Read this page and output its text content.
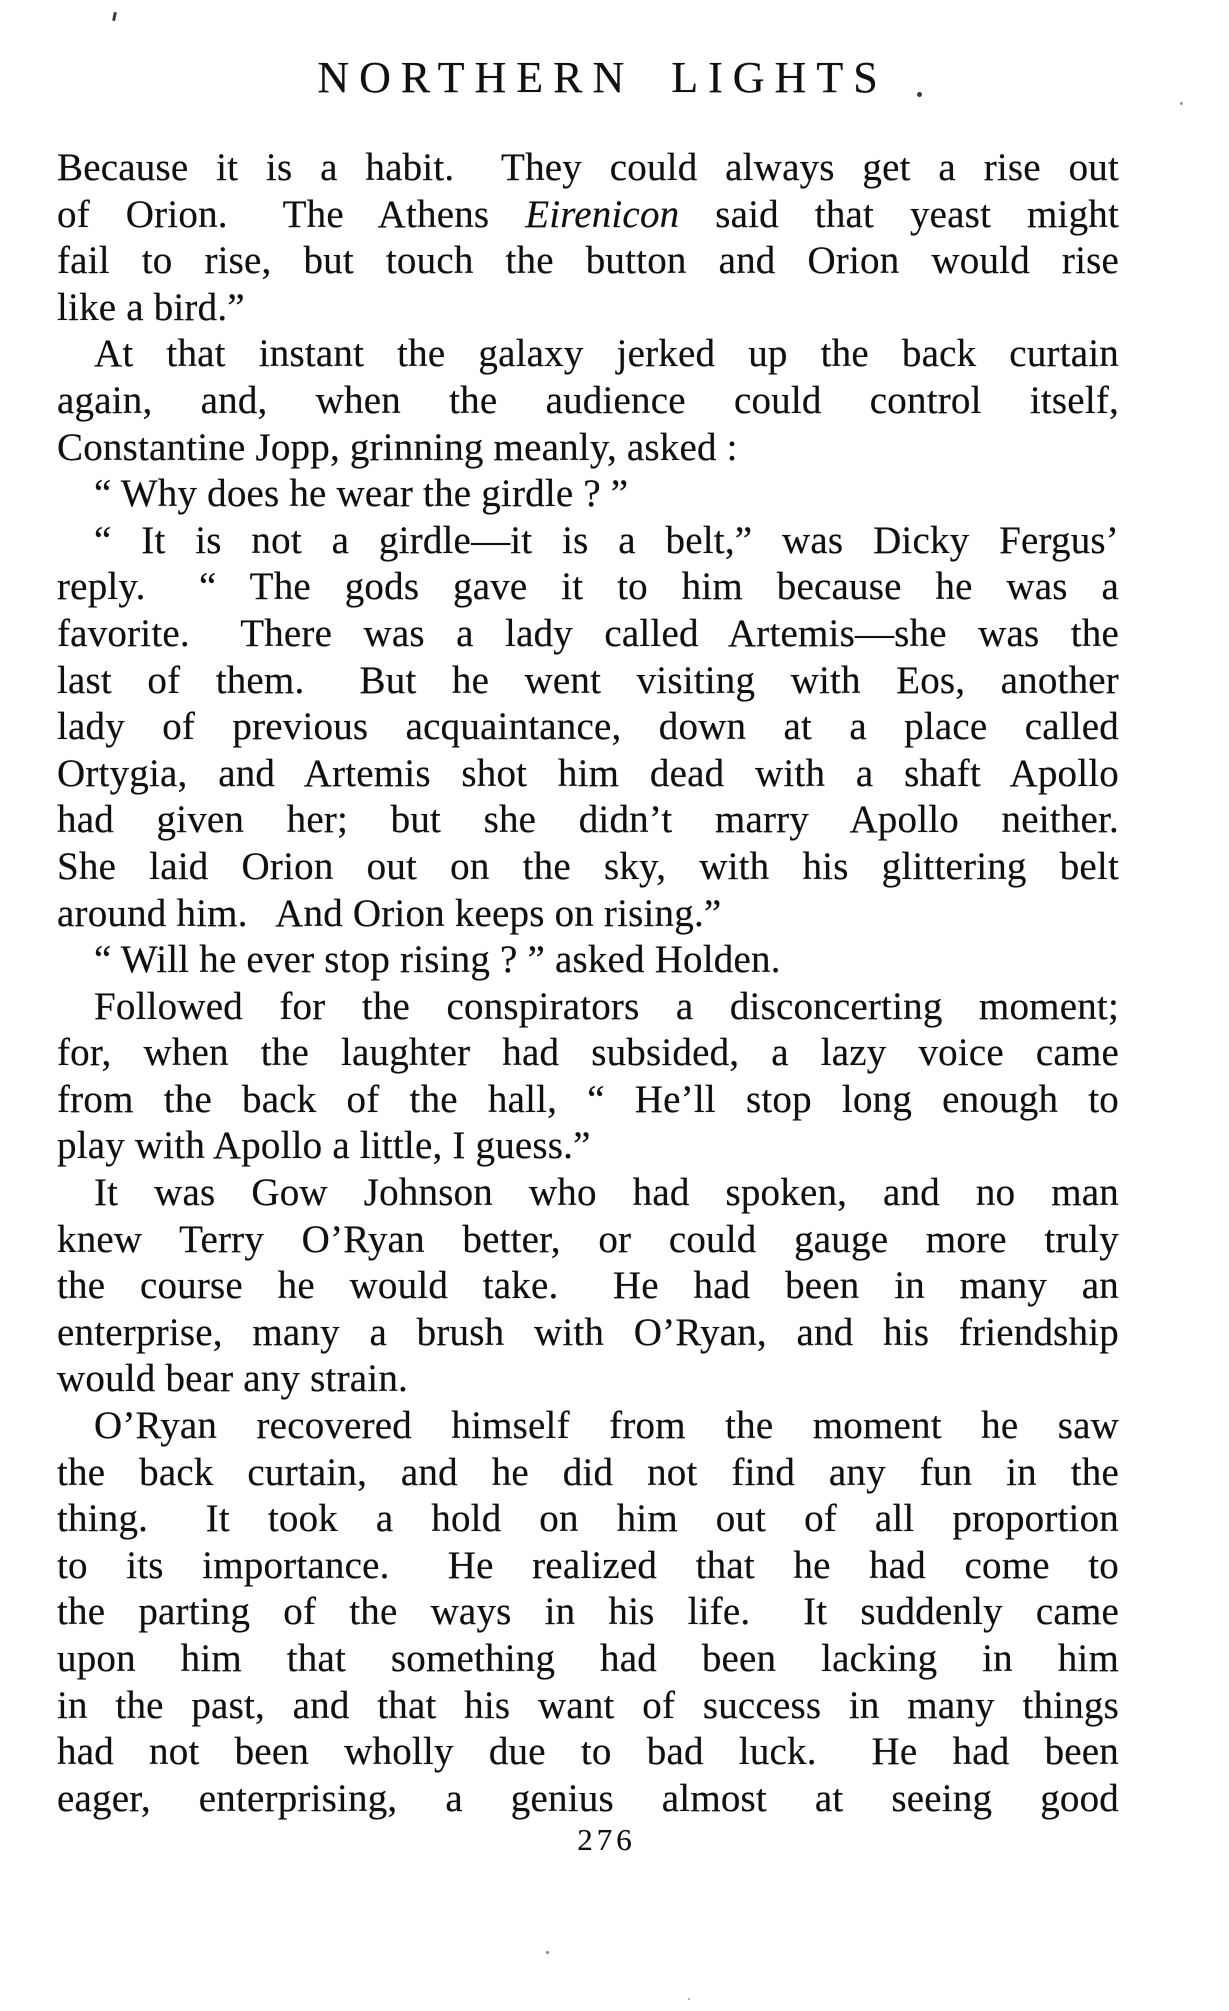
NORTHERN LIGHTS
Because it is a habit.  They could always get a rise out
of Orion.  The Athens Eirenicon said that yeast might
fail to rise, but touch the button and Orion would rise
like a bird.”
At that instant the galaxy jerked up the back curtain
again, and, when the audience could control itself,
Constantine Jopp, grinning meanly, asked :
“ Why does he wear the girdle ? ”
“ It is not a girdle—it is a belt,” was Dicky Fergus’
reply.  “ The gods gave it to him because he was a
favorite.  There was a lady called Artemis—she was the
last of them.  But he went visiting with Eos, another
lady of previous acquaintance, down at a place called
Ortygia, and Artemis shot him dead with a shaft Apollo
had given her; but she didn’t marry Apollo neither.
She laid Orion out on the sky, with his glittering belt
around him.  And Orion keeps on rising.”
“ Will he ever stop rising ? ” asked Holden.
Followed for the conspirators a disconcerting moment;
for, when the laughter had subsided, a lazy voice came
from the back of the hall, “ He’ll stop long enough to
play with Apollo a little, I guess.”
It was Gow Johnson who had spoken, and no man
knew Terry O’Ryan better, or could gauge more truly
the course he would take.  He had been in many an
enterprise, many a brush with O’Ryan, and his friendship
would bear any strain.
O’Ryan recovered himself from the moment he saw
the back curtain, and he did not find any fun in the
thing.  It took a hold on him out of all proportion
to its importance.  He realized that he had come to
the parting of the ways in his life.  It suddenly came
upon him that something had been lacking in him
in the past, and that his want of success in many things
had not been wholly due to bad luck.  He had been
eager, enterprising, a genius almost at seeing good
276
